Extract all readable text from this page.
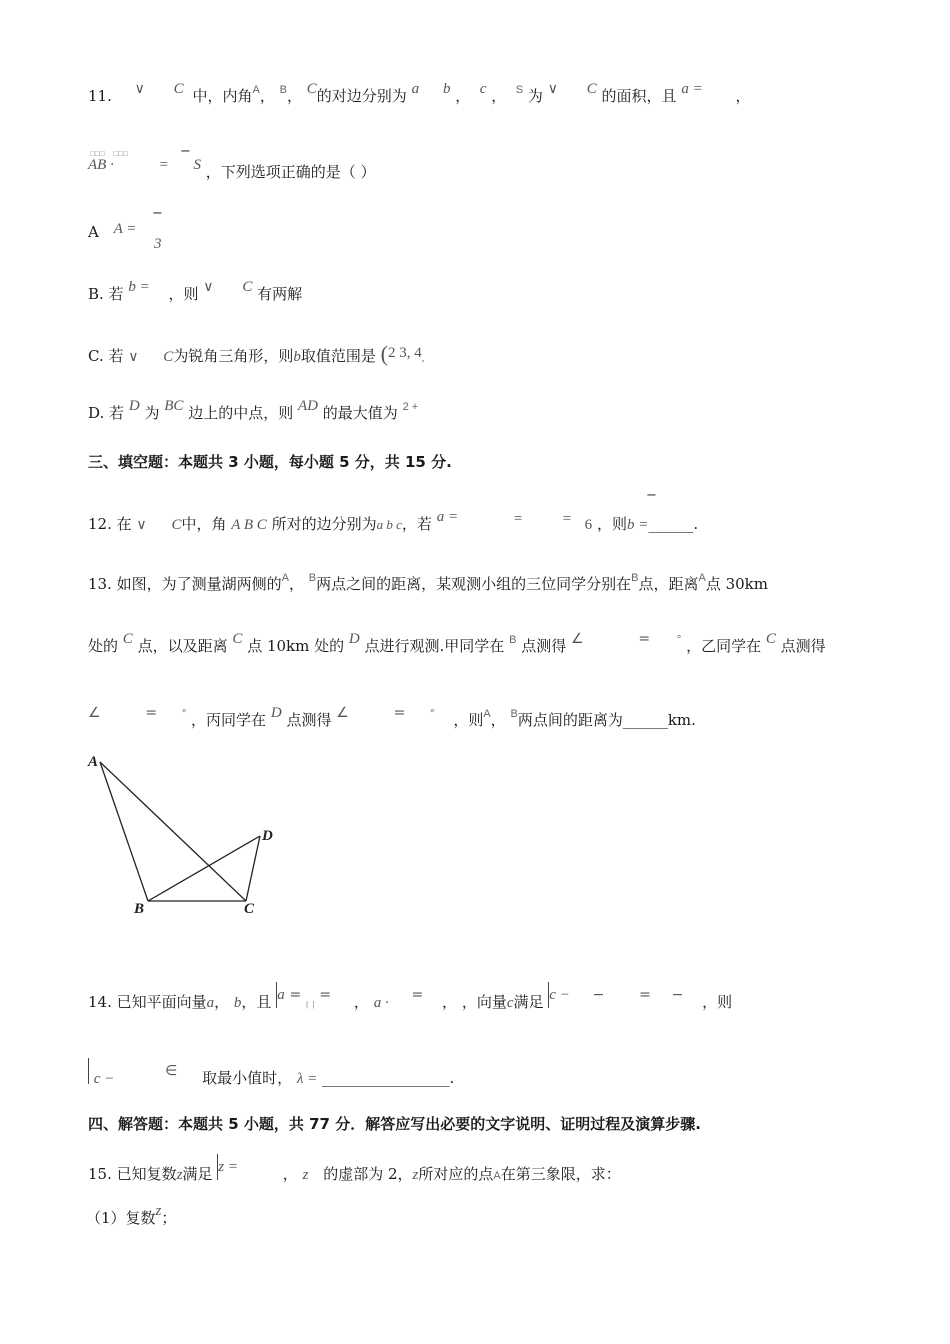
11. ∨ C 中，内角$^A$， $^B$， C的对边分别为 a b ，  c ，  $^S$ 为 ∨ C 的面积，且 a = ，
□□□    □□□
AB ·	=
−
S ，下列选项正确的是（ ）
A A =
−
3
B. 若 b = ，则 ∨ C 有两解
C. 若 ∨ C为锐角三角形，则b取值范围是 (2 3, 4,
D. 若 D 为 BC 边上的中点，则 AD 的最大值为 $^{2 +}$
三、填空题：本题共 3 小题，每小题 5 分，共 15 分.
12. 在 ∨ C中，角 A B C 所对的边分别为a b c，若 a =	=	=
−
6 ，则b =______.
13. 如图，为了测量湖两侧的$^A$， $^B$两点之间的距离，某观测小组的三位同学分别在$^B$点，距离$^A$点 30km
处的 C 点，以及距离 C 点 10km 处的 D 点进行观测.甲同学在 $^B$ 点测得 ∠	= ° ，乙同学在 C 点测得
∠	= ° ，丙同学在 D 点测得 ∠	= ° ，则$^A$， $^B$两点间的距离为______km.
A
B	C
D
14. 已知平面向量a， b，且 ‖a = |  | = ， a · = ， ，向量c满足 ‖c − − = − ，则
‖ c −	∈ 取最小值时， λ = _________________.
四、解答题：本题共 5 小题，共 77 分．解答应写出必要的文字说明、证明过程及演算步骤.
15. 已知复数z满足 ‖z =	， z 的虚部为 2，z所对应的点A在第三象限，求：
（1）复数z；
